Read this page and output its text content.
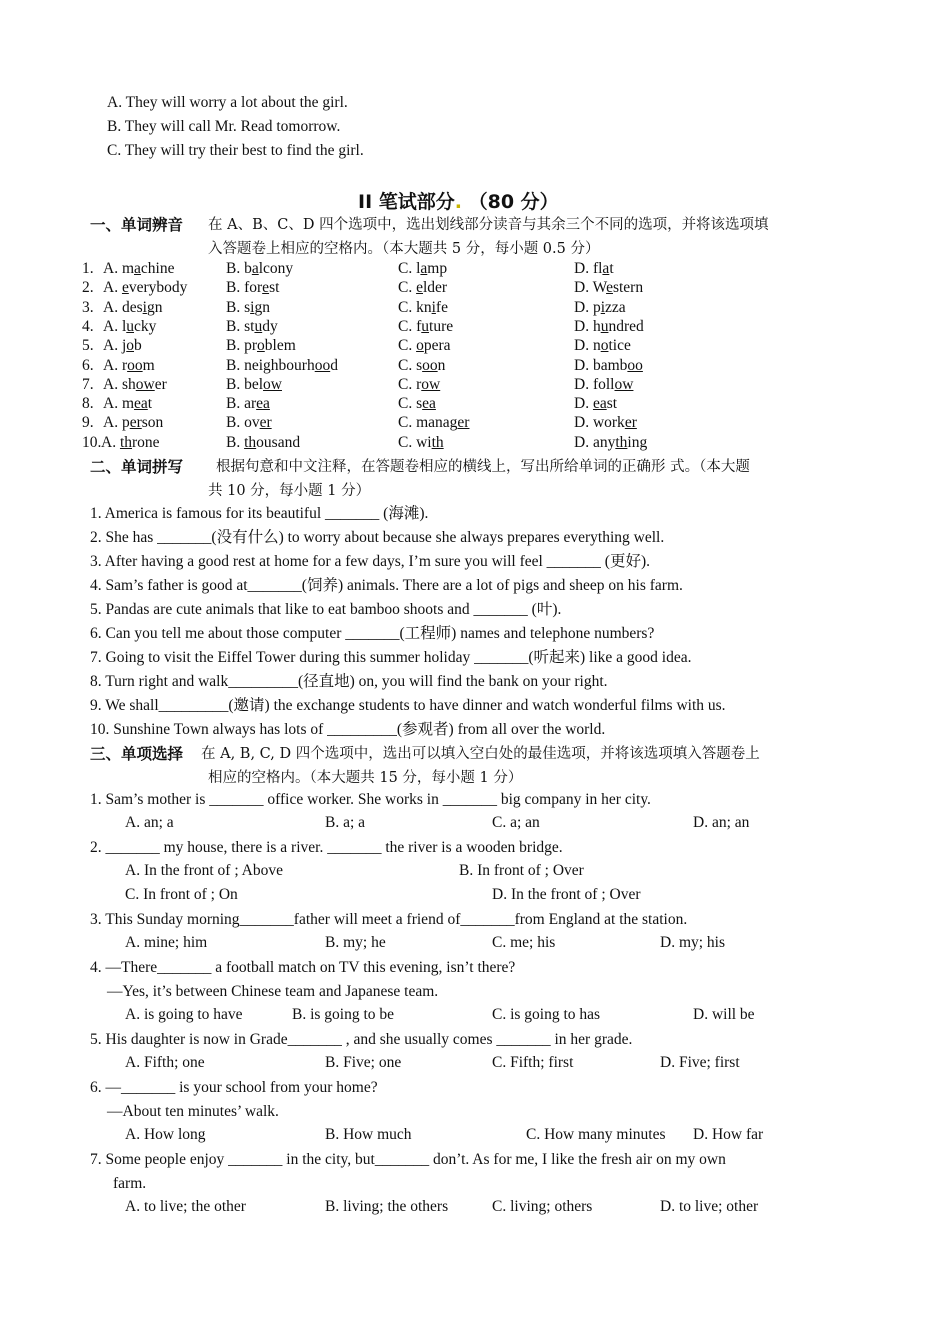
A. They will worry a lot about the girl.
B. They will call Mr. Read tomorrow.
C. They will try their best to find the girl.
II 笔试部分. （80 分）
一、单词辨音 在 A、B、C、D 四个选项中，选出划线部分读音与其余三个不同的选项，并将该选项填
入答题卷上相应的空格内。（本大题共 5 分，每小题 0.5 分）
1. A. machine	B. balcony	C. lamp	D. flat
2. A. everybody B. forest	C. elder	D. Western
3. A. design	B. sign	C. knife	D. pizza
4. A. lucky	B. study	C. future	D. hundred
5. A. job	B. problem	C. opera	D. notice
6. A. room	B. neighbourhood	C. soon	D. bamboo
7. A. shower	B. below	C. row	D. follow
8. A. meat	B. area	C. sea	D. east
9. A. person	B. over	C. manager	D. worker
10. A. throne	B. thousand	C. with	D. anything
二、单词拼写 根据句意和中文注释，在答题卷相应的横线上，写出所给单词的正确形 式。（本大题
共 10 分，每小题 1 分）
1. America is famous for its beautiful _______ (海滩).
2. She has _______(没有什么) to worry about because she always prepares everything well.
3. After having a good rest at home for a few days, I’m sure you will feel _______ (更好).
4. Sam’s father is good at_______(饲养) animals. There are a lot of pigs and sheep on his farm.
5. Pandas are cute animals that like to eat bamboo shoots and _______ (叶).
6. Can you tell me about those computer _______(工程师) names and telephone numbers?
7. Going to visit the Eiffel Tower during this summer holiday _______(听起来) like a good idea.
8. Turn right and walk_________(径直地) on, you will find the bank on your right.
9. We shall_________(邀请) the exchange students to have dinner and watch wonderful films with us.
10. Sunshine Town always has lots of _________(参观者) from all over the world.
三、单项选择 在 A, B, C, D 四个选项中，选出可以填入空白处的最佳选项，并将该选项填入答题卷上
相应的空格内。（本大题共 15 分，每小题 1 分）
1. Sam’s mother is _______ office worker. She works in _______ big company in her city.
A. an; a	B. a; a	C. a; an	D. an; an
2. _______ my house, there is a river. _______ the river is a wooden bridge.
A. In the front of ; Above	B. In front of ; Over
C. In front of ; On	D. In the front of ; Over
3. This Sunday morning_______father will meet a friend of_______from England at the station.
A. mine; him	B. my; he	C. me; his	D. my; his
4. —There_______ a football match on TV this evening, isn’t there?
—Yes, it’s between Chinese team and Japanese team.
A. is going to have	B. is going to be	C. is going to has	D. will be
5. His daughter is now in Grade_______ , and she usually comes _______ in her grade.
A. Fifth; one	B. Five; one	C. Fifth; first	D. Five; first
6. —_______ is your school from your home?
—About ten minutes’ walk.
A. How long	B. How much	C. How many minutes D. How far
7. Some people enjoy _______ in the city, but_______ don’t. As for me, I like the fresh air on my own
farm.
A. to live; the other	B. living; the others	C. living; others	D. to live; other
